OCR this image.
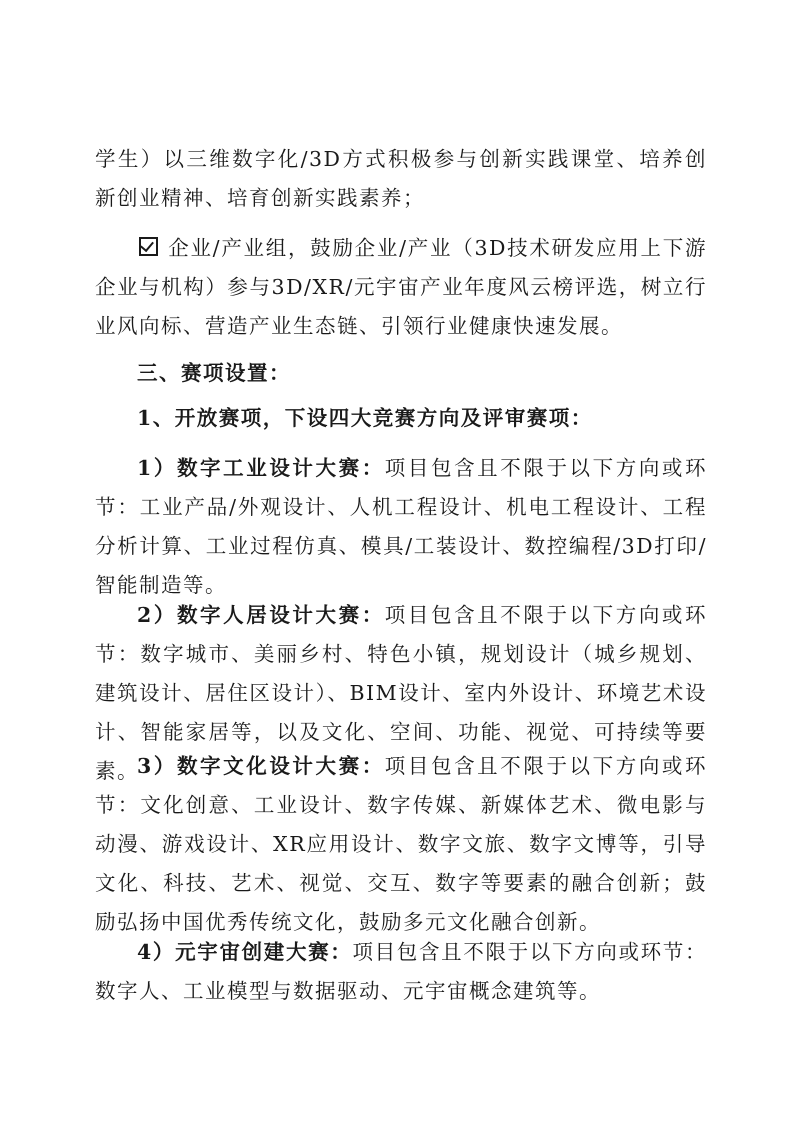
学生）以三维数字化/3D方式积极参与创新实践课堂、培养创新创业精神、培育创新实践素养；

企业/产业组，鼓励企业/产业（3D技术研发应用上下游企业与机构）参与3D/XR/元宇宙产业年度风云榜评选，树立行业风向标、营造产业生态链、引领行业健康快速发展。

三、赛项设置：

1、开放赛项，下设四大竞赛方向及评审赛项：

1）数字工业设计大赛：项目包含且不限于以下方向或环节：工业产品/外观设计、人机工程设计、机电工程设计、工程分析计算、工业过程仿真、模具/工装设计、数控编程/3D打印/智能制造等。

2）数字人居设计大赛：项目包含且不限于以下方向或环节：数字城市、美丽乡村、特色小镇，规划设计（城乡规划、建筑设计、居住区设计）、BIM设计、室内外设计、环境艺术设计、智能家居等，以及文化、空间、功能、视觉、可持续等要素。

3）数字文化设计大赛：项目包含且不限于以下方向或环节：文化创意、工业设计、数字传媒、新媒体艺术、微电影与动漫、游戏设计、XR应用设计、数字文旅、数字文博等，引导文化、科技、艺术、视觉、交互、数字等要素的融合创新；鼓励弘扬中国优秀传统文化，鼓励多元文化融合创新。

4）元宇宙创建大赛：项目包含且不限于以下方向或环节：数字人、工业模型与数据驱动、元宇宙概念建筑等。
